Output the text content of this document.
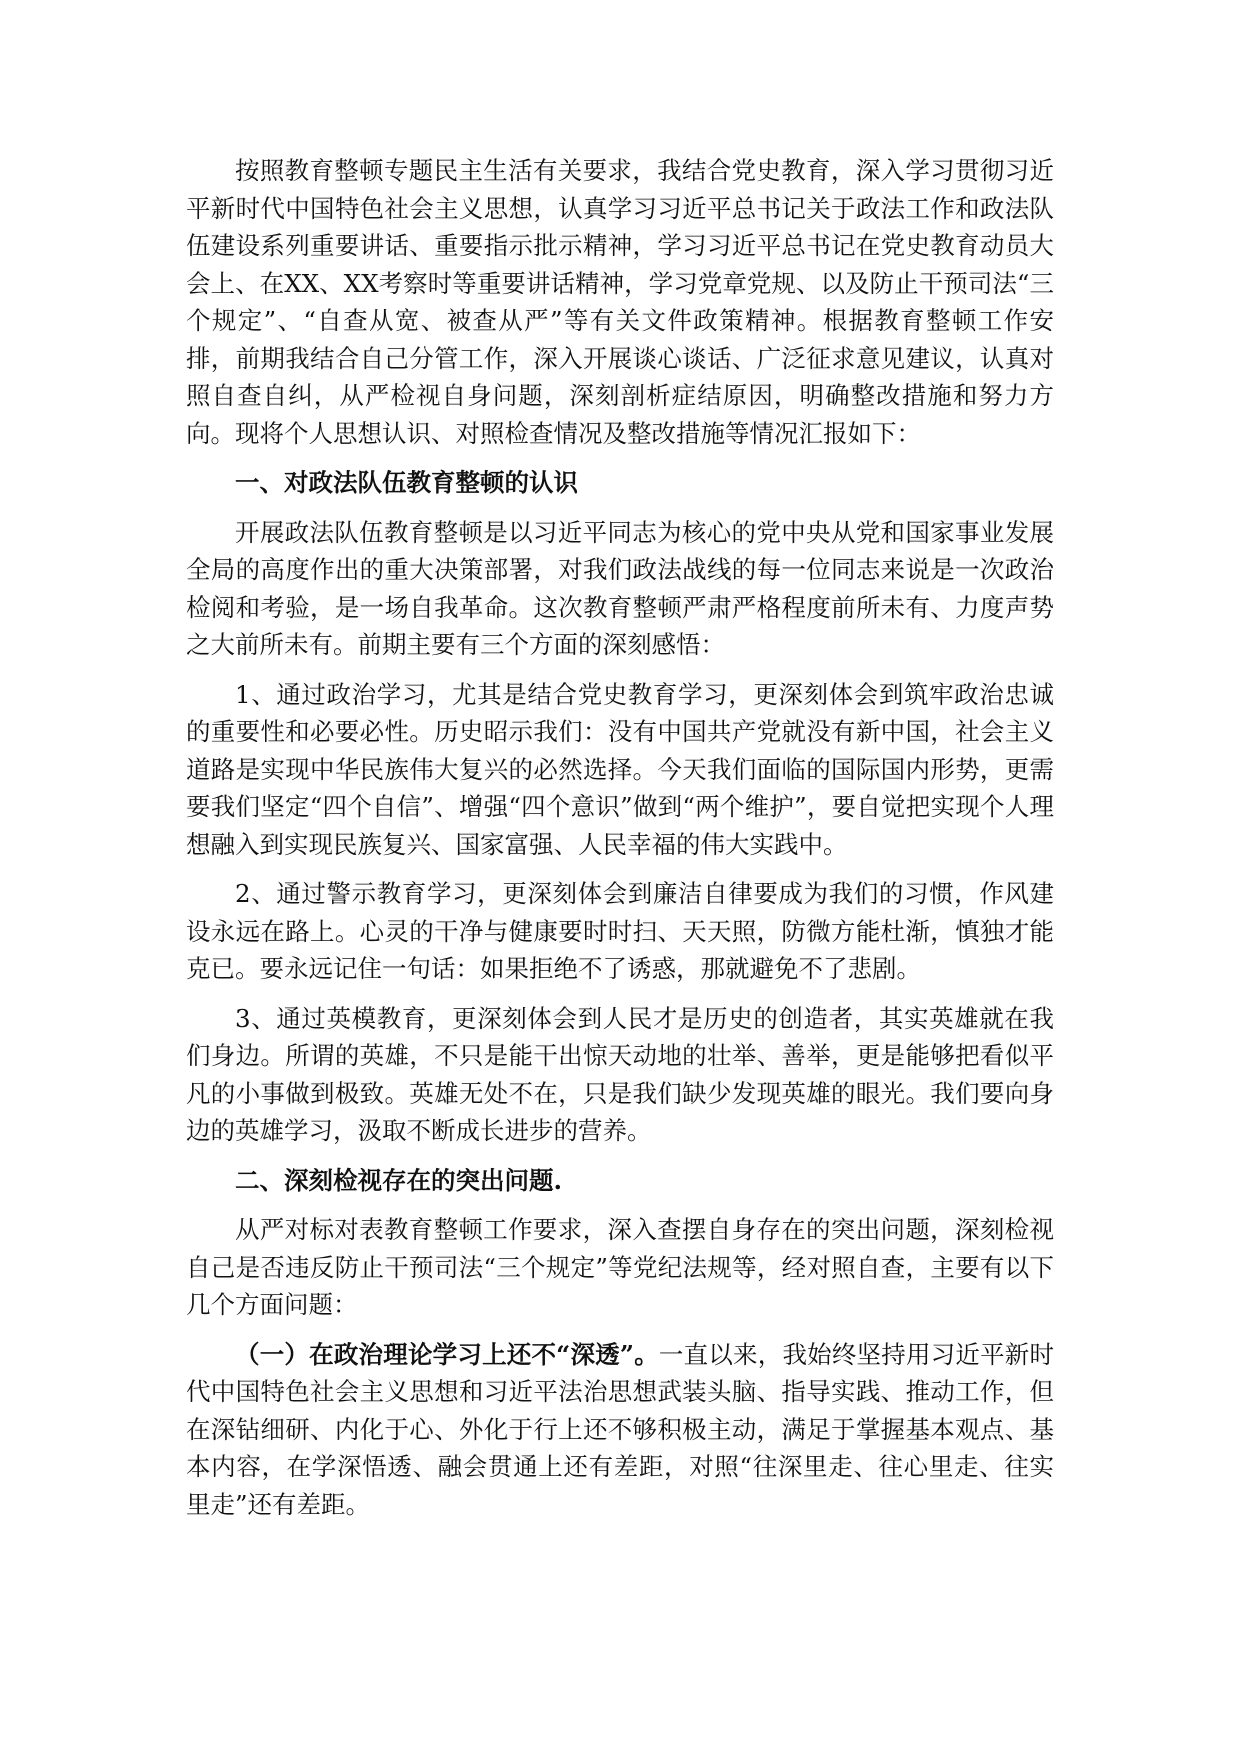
按照教育整顿专题民主生活有关要求，我结合党史教育，深入学习贯彻习近平新时代中国特色社会主义思想，认真学习习近平总书记关于政法工作和政法队伍建设系列重要讲话、重要指示批示精神，学习习近平总书记在党史教育动员大会上、在XX、XX考察时等重要讲话精神，学习党章党规、以及防止干预司法“三个规定”、“自查从宽、被查从严”等有关文件政策精神。根据教育整顿工作安排，前期我结合自己分管工作，深入开展谈心谈话、广泛征求意见建议，认真对照自查自纠，从严检视自身问题，深刻剖析症结原因，明确整改措施和努力方向。现将个人思想认识、对照检查情况及整改措施等情况汇报如下：

一、对政法队伍教育整顿的认识

开展政法队伍教育整顿是以习近平同志为核心的党中央从党和国家事业发展全局的高度作出的重大决策部署，对我们政法战线的每一位同志来说是一次政治检阅和考验，是一场自我革命。这次教育整顿严肃严格程度前所未有、力度声势之大前所未有。前期主要有三个方面的深刻感悟：

1、通过政治学习，尤其是结合党史教育学习，更深刻体会到筑牢政治忠诚的重要性和必要必性。历史昭示我们：没有中国共产党就没有新中国，社会主义道路是实现中华民族伟大复兴的必然选择。今天我们面临的国际国内形势，更需要我们坚定“四个自信”、增强“四个意识”做到“两个维护”，要自觉把实现个人理想融入到实现民族复兴、国家富强、人民幸福的伟大实践中。

2、通过警示教育学习，更深刻体会到廉洁自律要成为我们的习惯，作风建设永远在路上。心灵的干净与健康要时时扫、天天照，防微方能杜渐，慎独才能克已。要永远记住一句话：如果拒绝不了诱惑，那就避免不了悲剧。

3、通过英模教育，更深刻体会到人民才是历史的创造者，其实英雄就在我们身边。所谓的英雄，不只是能干出惊天动地的壮举、善举，更是能够把看似平凡的小事做到极致。英雄无处不在，只是我们缺少发现英雄的眼光。我们要向身边的英雄学习，汲取不断成长进步的营养。

二、深刻检视存在的突出问题.

从严对标对表教育整顿工作要求，深入查摆自身存在的突出问题，深刻检视自己是否违反防止干预司法“三个规定”等党纪法规等，经对照自查，主要有以下几个方面问题：

（一）在政治理论学习上还不“深透”。一直以来，我始终坚持用习近平新时代中国特色社会主义思想和习近平法治思想武装头脑、指导实践、推动工作，但在深钻细研、内化于心、外化于行上还不够积极主动，满足于掌握基本观点、基本内容，在学深悟透、融会贯通上还有差距，对照“往深里走、往心里走、往实里走”还有差距。
